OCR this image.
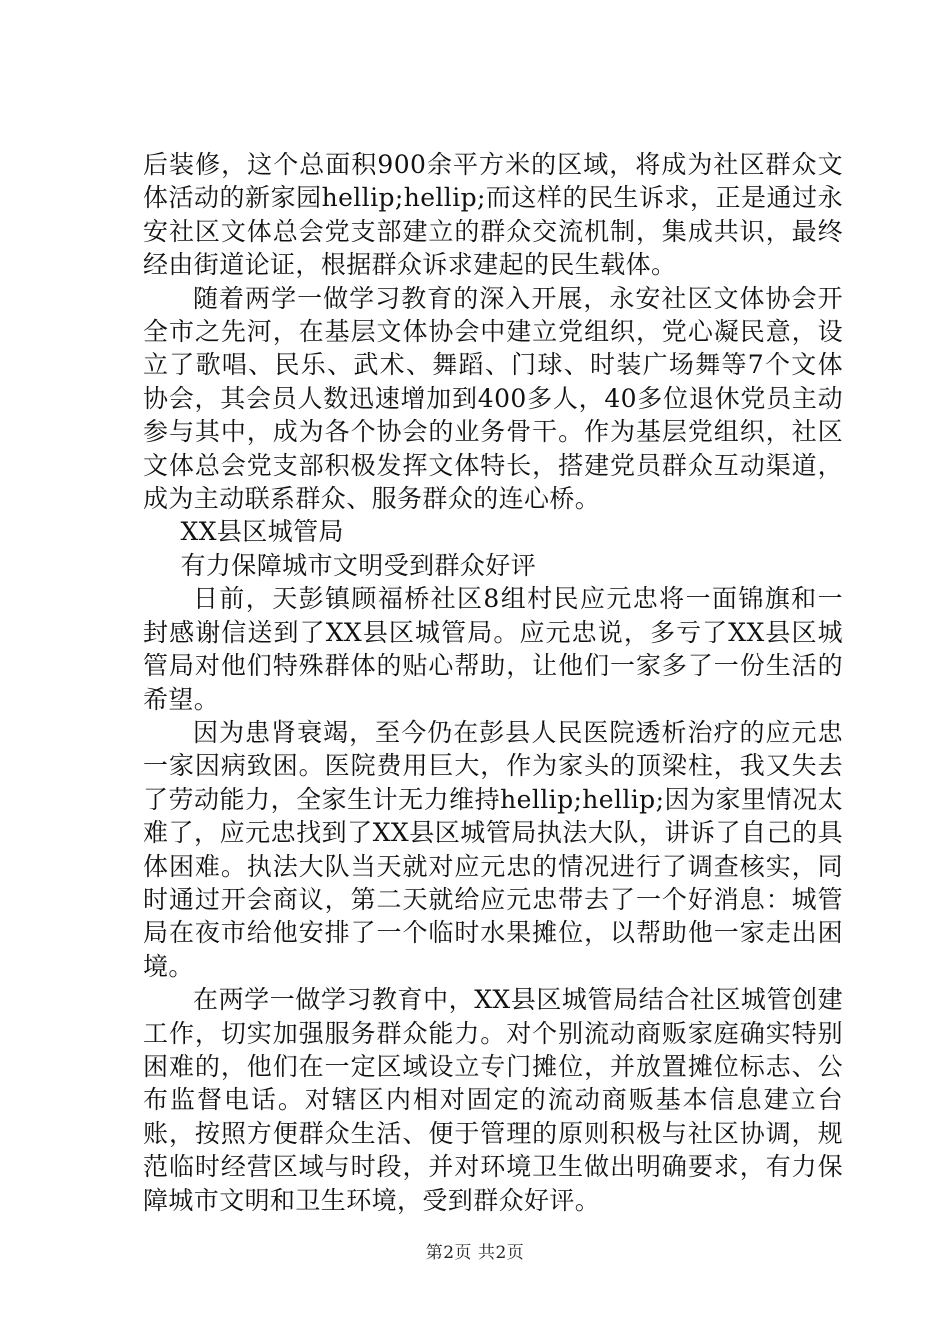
后装修，这个总面积900余平方米的区域，将成为社区群众文体活动的新家园hellip;hellip;而这样的民生诉求，正是通过永安社区文体总会党支部建立的群众交流机制，集成共识，最终经由街道论证，根据群众诉求建起的民生载体。

随着两学一做学习教育的深入开展，永安社区文体协会开全市之先河，在基层文体协会中建立党组织，党心凝民意，设立了歌唱、民乐、武术、舞蹈、门球、时装广场舞等7个文体协会，其会员人数迅速增加到400多人，40多位退休党员主动参与其中，成为各个协会的业务骨干。作为基层党组织，社区文体总会党支部积极发挥文体特长，搭建党员群众互动渠道，成为主动联系群众、服务群众的连心桥。

XX县区城管局

有力保障城市文明受到群众好评

日前，天彭镇顾福桥社区8组村民应元忠将一面锦旗和一封感谢信送到了XX县区城管局。应元忠说，多亏了XX县区城管局对他们特殊群体的贴心帮助，让他们一家多了一份生活的希望。

因为患肾衰竭，至今仍在彭县人民医院透析治疗的应元忠一家因病致困。医院费用巨大，作为家头的顶梁柱，我又失去了劳动能力，全家生计无力维持hellip;hellip;因为家里情况太难了，应元忠找到了XX县区城管局执法大队，讲诉了自己的具体困难。执法大队当天就对应元忠的情况进行了调查核实，同时通过开会商议，第二天就给应元忠带去了一个好消息：城管局在夜市给他安排了一个临时水果摊位，以帮助他一家走出困境。

在两学一做学习教育中，XX县区城管局结合社区城管创建工作，切实加强服务群众能力。对个别流动商贩家庭确实特别困难的，他们在一定区域设立专门摊位，并放置摊位标志、公布监督电话。对辖区内相对固定的流动商贩基本信息建立台账，按照方便群众生活、便于管理的原则积极与社区协调，规范临时经营区域与时段，并对环境卫生做出明确要求，有力保障城市文明和卫生环境，受到群众好评。

第2页 共2页
